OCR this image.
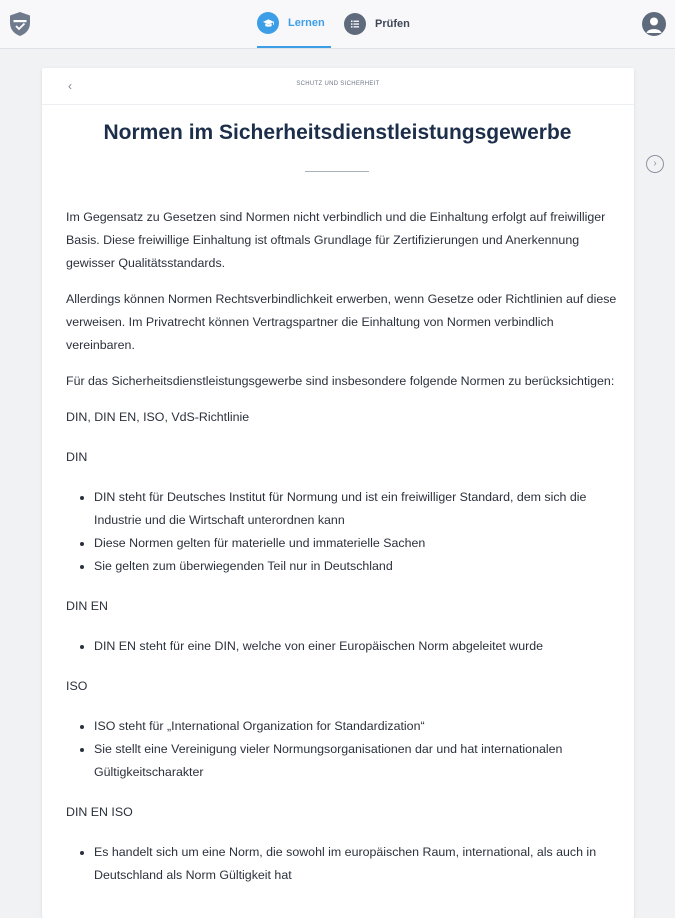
Lernen	Prüfen
‹	SCHUTZ UND SICHERHEIT
Normen im Sicherheitsdienstleistungsgewerbe
›

Im Gegensatz zu Gesetzen sind Normen nicht verbindlich und die Einhaltung erfolgt auf freiwilliger Basis. Diese freiwillige Einhaltung ist oftmals Grundlage für Zertifizierungen und Anerkennung gewisser Qualitätsstandards.

Allerdings können Normen Rechtsverbindlichkeit erwerben, wenn Gesetze oder Richtlinien auf diese verweisen. Im Privatrecht können Vertragspartner die Einhaltung von Normen verbindlich vereinbaren.

Für das Sicherheitsdienstleistungsgewerbe sind insbesondere folgende Normen zu berücksichtigen:

DIN, DIN EN, ISO, VdS-Richtlinie

DIN

• DIN steht für Deutsches Institut für Normung und ist ein freiwilliger Standard, dem sich die Industrie und die Wirtschaft unterordnen kann
• Diese Normen gelten für materielle und immaterielle Sachen
• Sie gelten zum überwiegenden Teil nur in Deutschland

DIN EN

• DIN EN steht für eine DIN, welche von einer Europäischen Norm abgeleitet wurde

ISO

• ISO steht für „International Organization for Standardization“
• Sie stellt eine Vereinigung vieler Normungsorganisationen dar und hat internationalen Gültigkeitscharakter

DIN EN ISO

• Es handelt sich um eine Norm, die sowohl im europäischen Raum, international, als auch in Deutschland als Norm Gültigkeit hat
